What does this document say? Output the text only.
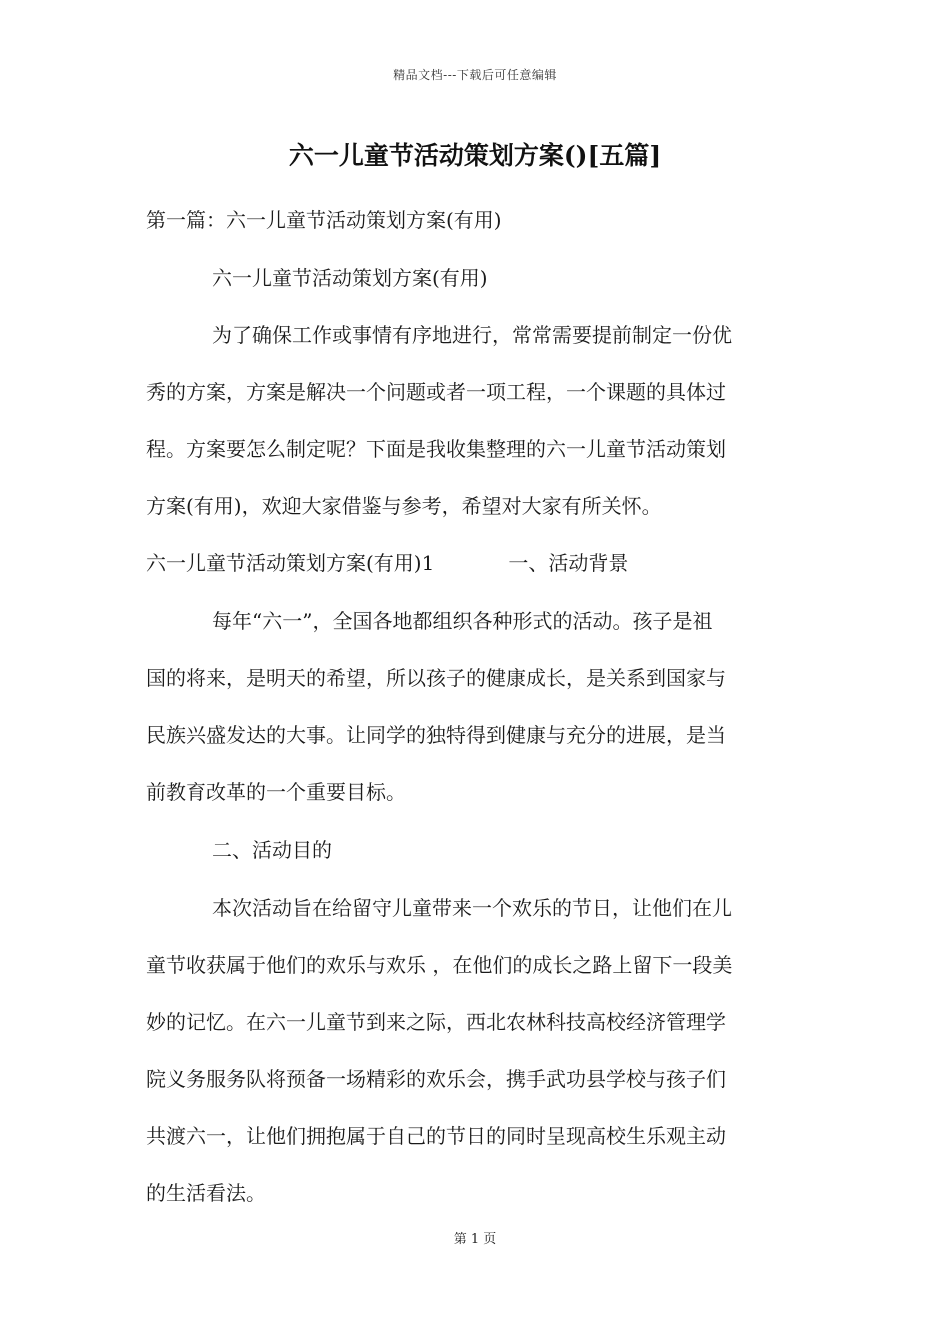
精品文档---下载后可任意编辑
六一儿童节活动策划方案()[五篇]
第一篇：六一儿童节活动策划方案(有用)
六一儿童节活动策划方案(有用)
为了确保工作或事情有序地进行，常常需要提前制定一份优
秀的方案，方案是解决一个问题或者一项工程，一个课题的具体过
程。方案要怎么制定呢？下面是我收集整理的六一儿童节活动策划
方案(有用)，欢迎大家借鉴与参考，希望对大家有所关怀。
六一儿童节活动策划方案(有用)1	一、活动背景
每年“六一”，全国各地都组织各种形式的活动。孩子是祖
国的将来，是明天的希望，所以孩子的健康成长，是关系到国家与
民族兴盛发达的大事。让同学的独特得到健康与充分的进展，是当
前教育改革的一个重要目标。
二、活动目的
本次活动旨在给留守儿童带来一个欢乐的节日，让他们在儿
童节收获属于他们的欢乐与欢乐 ，在他们的成长之路上留下一段美
妙的记忆。在六一儿童节到来之际，西北农林科技高校经济管理学
院义务服务队将预备一场精彩的欢乐会，携手武功县学校与孩子们
共渡六一，让他们拥抱属于自己的节日的同时呈现高校生乐观主动
的生活看法。
第 1 页
